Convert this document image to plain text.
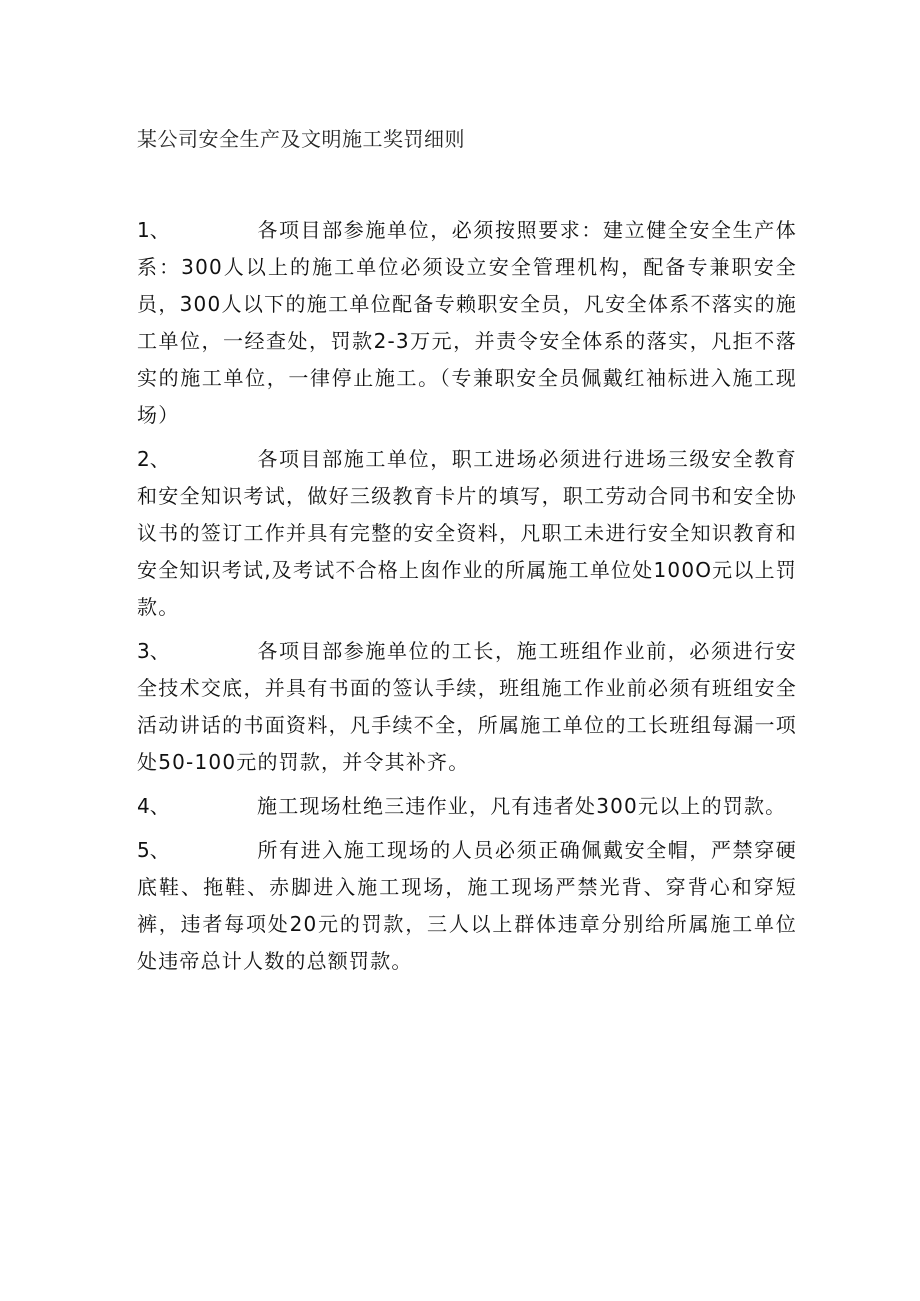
某公司安全生产及文明施工奖罚细则
1、	各项目部参施单位，必须按照要求：建立健全安全生产体系：300人以上的施工单位必须设立安全管理机构，配备专兼职安全员，300人以下的施工单位配备专赖职安全员，凡安全体系不落实的施工单位，一经查处，罚款2-3万元，并责令安全体系的落实，凡拒不落实的施工单位，一律停止施工。（专兼职安全员佩戴红袖标进入施工现场）
2、	各项目部施工单位，职工进场必须进行进场三级安全教育和安全知识考试，做好三级教育卡片的填写，职工劳动合同书和安全协议书的签订工作并具有完整的安全资料，凡职工未进行安全知识教育和安全知识考试,及考试不合格上囱作业的所属施工单位处100O元以上罚款。
3、	各项目部参施单位的工长，施工班组作业前，必须进行安全技术交底，并具有书面的签认手续，班组施工作业前必须有班组安全活动讲话的书面资料，凡手续不全，所属施工单位的工长班组每漏一项处50-100元的罚款，并令其补齐。
4、	施工现场杜绝三违作业，凡有违者处300元以上的罚款。
5、	所有进入施工现场的人员必须正确佩戴安全帽，严禁穿硬底鞋、拖鞋、赤脚进入施工现场，施工现场严禁光背、穿背心和穿短裤，违者每项处20元的罚款，三人以上群体违章分别给所属施工单位处违帝总计人数的总额罚款。
